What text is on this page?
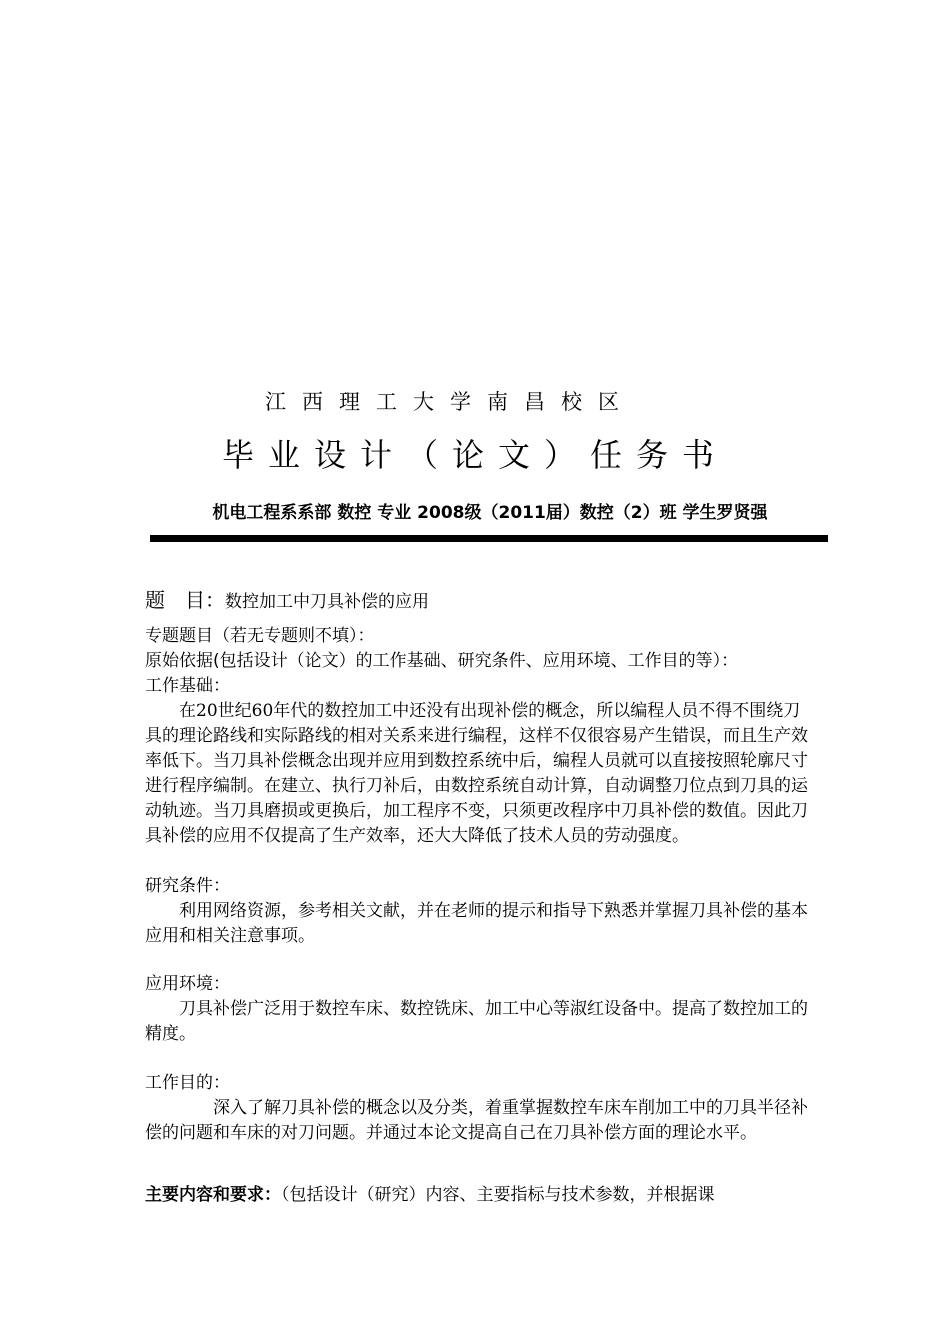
江西理工大学南昌校区
毕业设计（论文）任务书
机电工程系系部 数控 专业 2008级（2011届）数控（2）班 学生罗贤强
题　目：数控加工中刀具补偿的应用
专题题目（若无专题则不填）：
原始依据(包括设计（论文）的工作基础、研究条件、应用环境、工作目的等）：
工作基础：
在20世纪60年代的数控加工中还没有出现补偿的概念，所以编程人员不得不围绕刀具的理论路线和实际路线的相对关系来进行编程，这样不仅很容易产生错误，而且生产效率低下。当刀具补偿概念出现并应用到数控系统中后，编程人员就可以直接按照轮廓尺寸进行程序编制。在建立、执行刀补后，由数控系统自动计算，自动调整刀位点到刀具的运动轨迹。当刀具磨损或更换后，加工程序不变，只须更改程序中刀具补偿的数值。因此刀具补偿的应用不仅提高了生产效率，还大大降低了技术人员的劳动强度。
研究条件：
利用网络资源，参考相关文献，并在老师的提示和指导下熟悉并掌握刀具补偿的基本应用和相关注意事项。
应用环境：
刀具补偿广泛用于数控车床、数控铣床、加工中心等淑红设备中。提高了数控加工的精度。
工作目的：
深入了解刀具补偿的概念以及分类，着重掌握数控车床车削加工中的刀具半径补偿的问题和车床的对刀问题。并通过本论文提高自己在刀具补偿方面的理论水平。
主要内容和要求：（包括设计（研究）内容、主要指标与技术参数，并根据课
